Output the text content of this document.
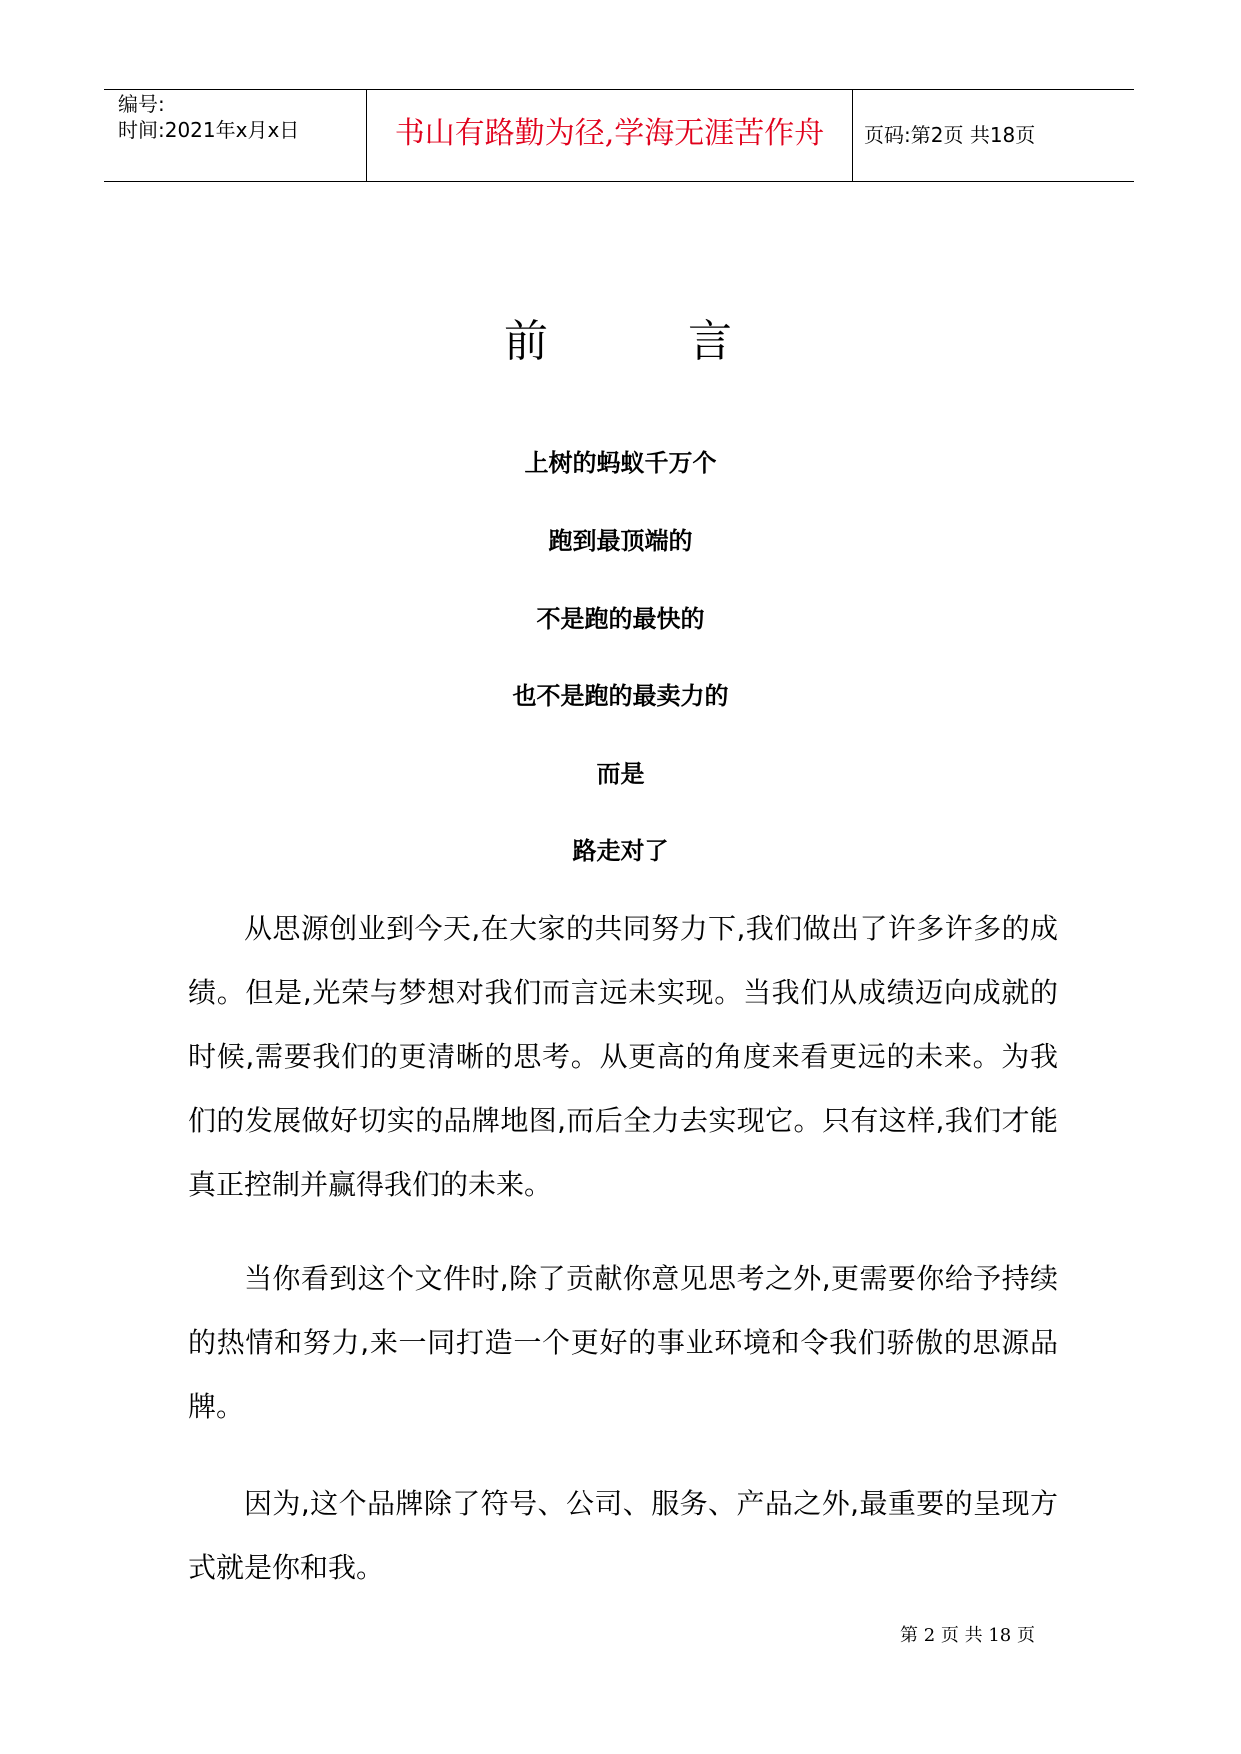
编号:
时间:2021年x月x日	书山有路勤为径,学海无涯苦作舟	页码:第2页 共18页
前	言
上树的蚂蚁千万个
跑到最顶端的
不是跑的最快的
也不是跑的最卖力的
而是
路走对了
从思源创业到今天,在大家的共同努力下,我们做出了许多许多的成绩。但是,光荣与梦想对我们而言远未实现。当我们从成绩迈向成就的时候,需要我们的更清晰的思考。从更高的角度来看更远的未来。为我们的发展做好切实的品牌地图,而后全力去实现它。只有这样,我们才能真正控制并赢得我们的未来。
当你看到这个文件时,除了贡献你意见思考之外,更需要你给予持续的热情和努力,来一同打造一个更好的事业环境和令我们骄傲的思源品牌。
因为,这个品牌除了符号、公司、服务、产品之外,最重要的呈现方式就是你和我。
第 2 页 共 18 页
